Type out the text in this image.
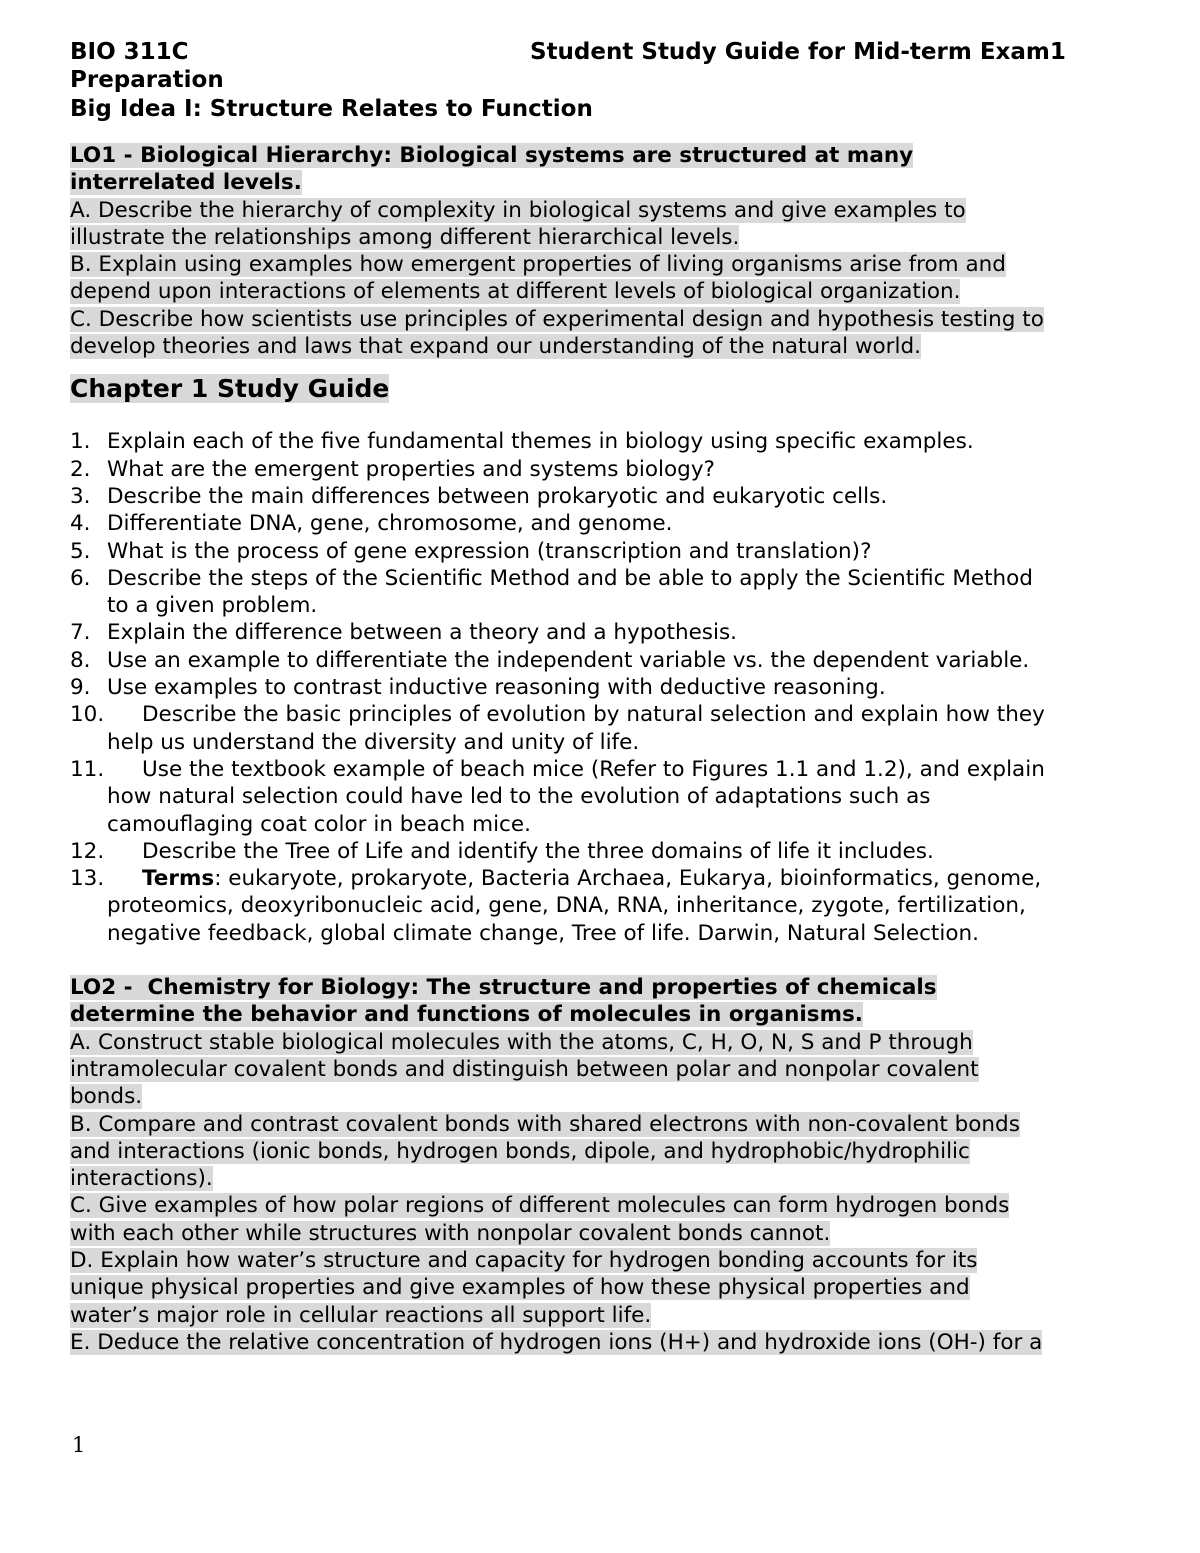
BIO 311C	Student Study Guide for Mid-term Exam1
Preparation
Big Idea I: Structure Relates to Function
LO1 - Biological Hierarchy: Biological systems are structured at many
interrelated levels.
A. Describe the hierarchy of complexity in biological systems and give examples to
illustrate the relationships among different hierarchical levels.
B. Explain using examples how emergent properties of living organisms arise from and
depend upon interactions of elements at different levels of biological organization.
C. Describe how scientists use principles of experimental design and hypothesis testing to
develop theories and laws that expand our understanding of the natural world.
Chapter 1 Study Guide
1. Explain each of the five fundamental themes in biology using specific examples.
2. What are the emergent properties and systems biology?
3. Describe the main differences between prokaryotic and eukaryotic cells.
4. Differentiate DNA, gene, chromosome, and genome.
5. What is the process of gene expression (transcription and translation)?
6. Describe the steps of the Scientific Method and be able to apply the Scientific Method
to a given problem.
7. Explain the difference between a theory and a hypothesis.
8. Use an example to differentiate the independent variable vs. the dependent variable.
9. Use examples to contrast inductive reasoning with deductive reasoning.
10. Describe the basic principles of evolution by natural selection and explain how they
help us understand the diversity and unity of life.
11. Use the textbook example of beach mice (Refer to Figures 1.1 and 1.2), and explain
how natural selection could have led to the evolution of adaptations such as
camouflaging coat color in beach mice.
12. Describe the Tree of Life and identify the three domains of life it includes.
13. Terms: eukaryote, prokaryote, Bacteria Archaea, Eukarya, bioinformatics, genome,
proteomics, deoxyribonucleic acid, gene, DNA, RNA, inheritance, zygote, fertilization,
negative feedback, global climate change, Tree of life. Darwin, Natural Selection.
LO2 -  Chemistry for Biology: The structure and properties of chemicals
determine the behavior and functions of molecules in organisms.
A. Construct stable biological molecules with the atoms, C, H, O, N, S and P through
intramolecular covalent bonds and distinguish between polar and nonpolar covalent
bonds.
B. Compare and contrast covalent bonds with shared electrons with non-covalent bonds
and interactions (ionic bonds, hydrogen bonds, dipole, and hydrophobic/hydrophilic
interactions).
C. Give examples of how polar regions of different molecules can form hydrogen bonds
with each other while structures with nonpolar covalent bonds cannot.
D. Explain how water’s structure and capacity for hydrogen bonding accounts for its
unique physical properties and give examples of how these physical properties and
water’s major role in cellular reactions all support life.
E. Deduce the relative concentration of hydrogen ions (H+) and hydroxide ions (OH-) for a
1
